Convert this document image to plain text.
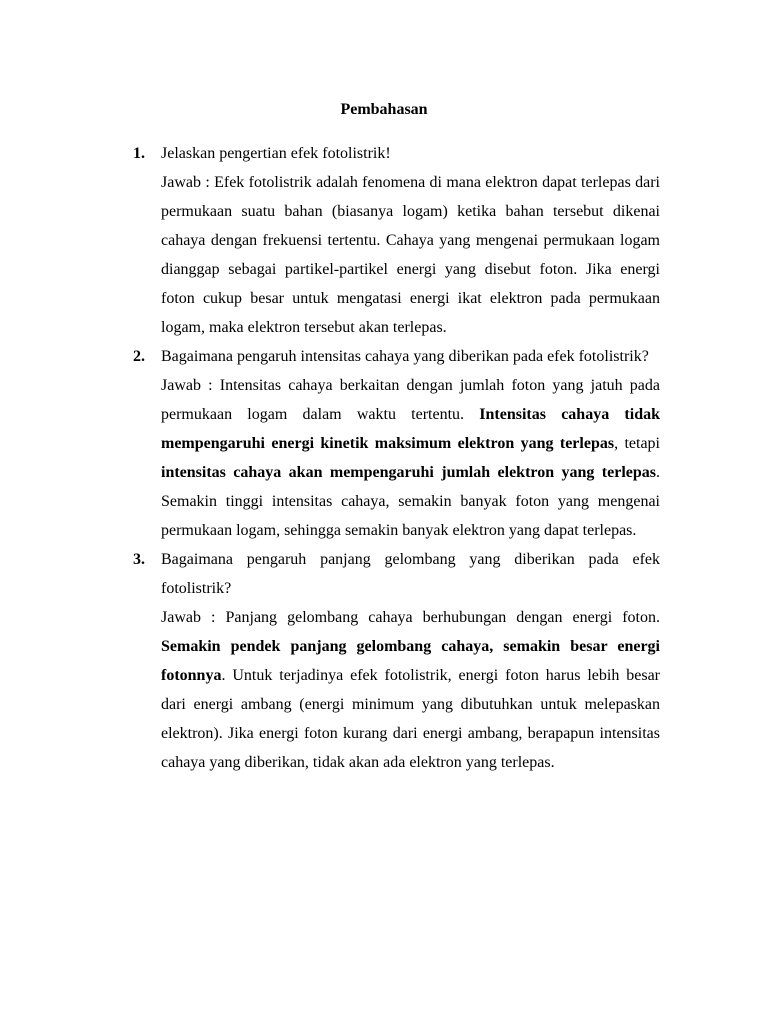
Pembahasan
1. Jelaskan pengertian efek fotolistrik!

Jawab : Efek fotolistrik adalah fenomena di mana elektron dapat terlepas dari permukaan suatu bahan (biasanya logam) ketika bahan tersebut dikenai cahaya dengan frekuensi tertentu. Cahaya yang mengenai permukaan logam dianggap sebagai partikel-partikel energi yang disebut foton. Jika energi foton cukup besar untuk mengatasi energi ikat elektron pada permukaan logam, maka elektron tersebut akan terlepas.

2. Bagaimana pengaruh intensitas cahaya yang diberikan pada efek fotolistrik?

Jawab : Intensitas cahaya berkaitan dengan jumlah foton yang jatuh pada permukaan logam dalam waktu tertentu. Intensitas cahaya tidak mempengaruhi energi kinetik maksimum elektron yang terlepas, tetapi intensitas cahaya akan mempengaruhi jumlah elektron yang terlepas. Semakin tinggi intensitas cahaya, semakin banyak foton yang mengenai permukaan logam, sehingga semakin banyak elektron yang dapat terlepas.

3. Bagaimana pengaruh panjang gelombang yang diberikan pada efek fotolistrik?

Jawab : Panjang gelombang cahaya berhubungan dengan energi foton. Semakin pendek panjang gelombang cahaya, semakin besar energi fotonnya. Untuk terjadinya efek fotolistrik, energi foton harus lebih besar dari energi ambang (energi minimum yang dibutuhkan untuk melepaskan elektron). Jika energi foton kurang dari energi ambang, berapapun intensitas cahaya yang diberikan, tidak akan ada elektron yang terlepas.
